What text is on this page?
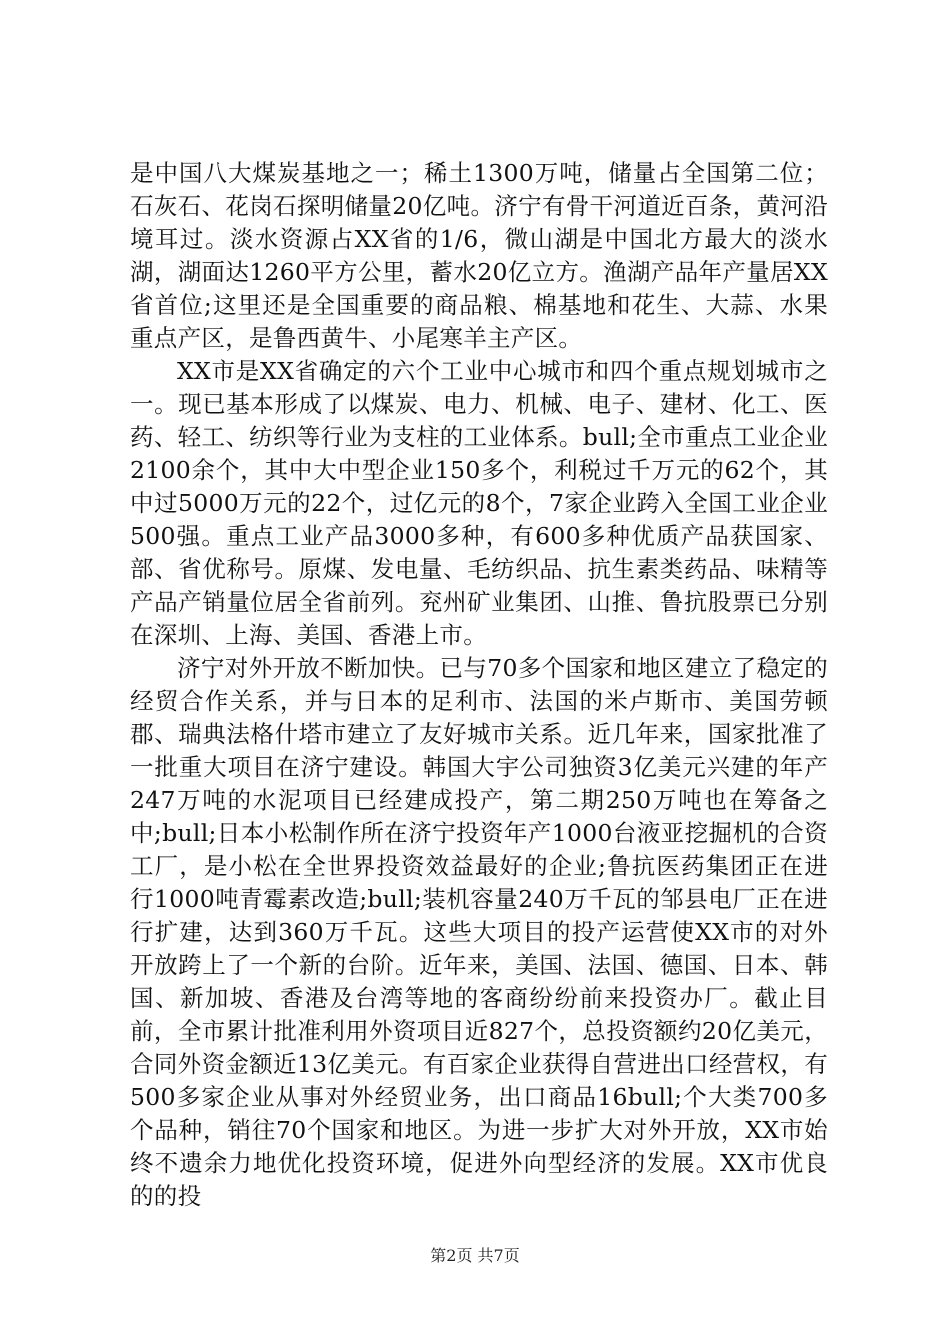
是中国八大煤炭基地之一；稀土1300万吨，储量占全国第二位；石灰石、花岗石探明储量20亿吨。济宁有骨干河道近百条，黄河沿境耳过。淡水资源占XX省的1/6，微山湖是中国北方最大的淡水湖，湖面达1260平方公里，蓄水20亿立方。渔湖产品年产量居XX省首位;这里还是全国重要的商品粮、棉基地和花生、大蒜、水果重点产区，是鲁西黄牛、小尾寒羊主产区。

XX市是XX省确定的六个工业中心城市和四个重点规划城市之一。现已基本形成了以煤炭、电力、机械、电子、建材、化工、医药、轻工、纺织等行业为支柱的工业体系。bull;全市重点工业企业2100余个，其中大中型企业150多个，利税过千万元的62个，其中过5000万元的22个，过亿元的8个，7家企业跨入全国工业企业500强。重点工业产品3000多种，有600多种优质产品获国家、部、省优称号。原煤、发电量、毛纺织品、抗生素类药品、味精等产品产销量位居全省前列。兖州矿业集团、山推、鲁抗股票已分别在深圳、上海、美国、香港上市。

济宁对外开放不断加快。已与70多个国家和地区建立了稳定的经贸合作关系，并与日本的足利市、法国的米卢斯市、美国劳顿郡、瑞典法格什塔市建立了友好城市关系。近几年来，国家批准了一批重大项目在济宁建设。韩国大宇公司独资3亿美元兴建的年产247万吨的水泥项目已经建成投产，第二期250万吨也在筹备之中;bull;日本小松制作所在济宁投资年产1000台液亚挖掘机的合资工厂，是小松在全世界投资效益最好的企业;鲁抗医药集团正在进行1000吨青霉素改造;bull;装机容量240万千瓦的邹县电厂正在进行扩建，达到360万千瓦。这些大项目的投产运营使XX市的对外开放跨上了一个新的台阶。近年来，美国、法国、德国、日本、韩国、新加坡、香港及台湾等地的客商纷纷前来投资办厂。截止目前，全市累计批准利用外资项目近827个，总投资额约20亿美元，合同外资金额近13亿美元。有百家企业获得自营进出口经营权，有500多家企业从事对外经贸业务，出口商品16bull;个大类700多个品种，销往70个国家和地区。为进一步扩大对外开放，XX市始终不遗余力地优化投资环境，促进外向型经济的发展。XX市优良的的投

第2页 共7页
